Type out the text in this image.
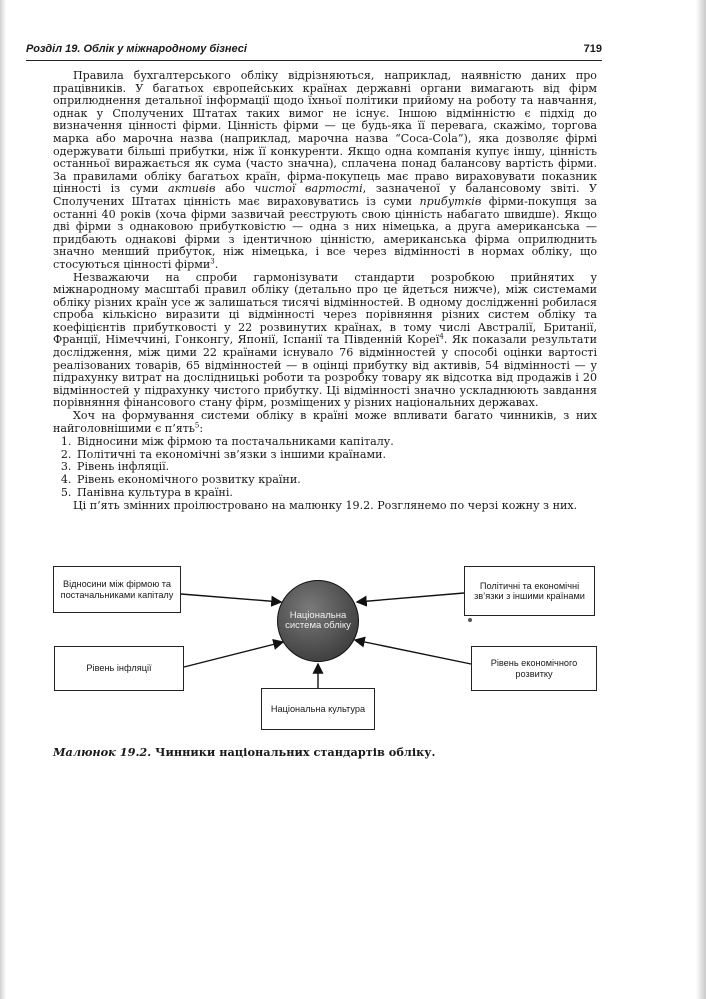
Розділ 19. Облік у міжнародному бізнесі	719

Правила бухгалтерського обліку відрізняються, наприклад, наявністю даних про працівників. У багатьох європейських країнах державні органи вимагають від фірм оприлюднення детальної інформації щодо їхньої політики прийому на роботу та навчання, однак у Сполучених Штатах таких вимог не існує. Іншою відмінністю є підхід до визначення цінності фірми. Цінність фірми — це будь-яка її перевага, скажімо, торгова марка або марочна назва (наприклад, марочна назва “Coca-Cola”), яка дозволяє фірмі одержувати більші прибутки, ніж її конкуренти. Якщо одна компанія купує іншу, цінність останньої виражається як сума (часто значна), сплачена понад балансову вартість фірми. За правилами обліку багатьох країн, фірма-покупець має право вираховувати показник цінності із суми активів або чистої вартості, зазначеної у балансовому звіті. У Сполучених Штатах цінність має вираховуватись із суми прибутків фірми-покупця за останні 40 років (хоча фірми зазвичай реєструють свою цінність набагато швидше). Якщо дві фірми з однаковою прибутковістю — одна з них німецька, а друга американська — придбають однакові фірми з ідентичною цінністю, американська фірма оприлюднить значно менший прибуток, ніж німецька, і все через відмінності в нормах обліку, що стосуються цінності фірми$^3$.

Незважаючи на спроби гармонізувати стандарти розробкою прийнятих у міжнародному масштабі правил обліку (детально про це йдеться нижче), між системами обліку різних країн усе ж залишаться тисячі відмінностей. В одному дослідженні робилася спроба кількісно виразити ці відмінності через порівняння різних систем обліку та коефіцієнтів прибутковості у 22 розвинутих країнах, в тому числі Австралії, Британії, Франції, Німеччині, Гонконгу, Японії, Іспанії та Південній Кореї$^4$. Як показали результати дослідження, між цими 22 країнами існувало 76 відмінностей у способі оцінки вартості реалізованих товарів, 65 відмінностей — в оцінці прибутку від активів, 54 відмінності — у підрахунку витрат на дослідницькі роботи та розробку товару як відсотка від продажів і 20 відмінностей у підрахунку чистого прибутку. Ці відмінності значно ускладнюють завдання порівняння фінансового стану фірм, розміщених у різних національних державах.

Хоч на формування системи обліку в країні може впливати багато чинників, з них найголовнішими є п’ять$^5$:

1. Відносини між фірмою та постачальниками капіталу.
2. Політичні та економічні зв’язки з іншими країнами.
3. Рівень інфляції.
4. Рівень економічного розвитку країни.
5. Панівна культура в країні.

Ці п’ять змінних проілюстровано на малюнку 19.2. Розглянемо по черзі кожну з них.

Відносини між фірмою та постачальниками капіталу
Політичні та економічні зв’язки з іншими країнами
Рівень інфляції
Рівень економічного розвитку
Національна культура
Національна система обліку
Малюнок 19.2. Чинники національних стандартів обліку.
